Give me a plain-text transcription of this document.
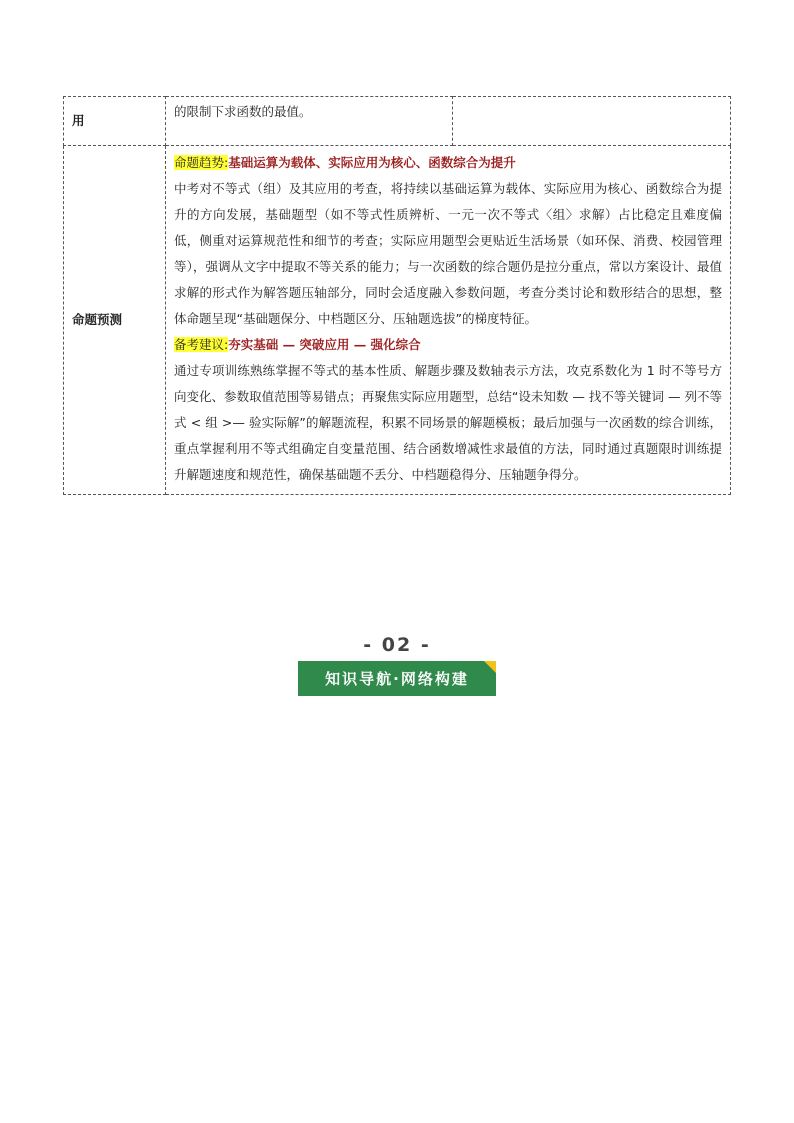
用	的限制下求函数的最值。	
命题预测	命题趋势:基础运算为载体、实际应用为核心、函数综合为提升
中考对不等式（组）及其应用的考查，将持续以基础运算为载体、实际应用为核心、函数综合为提升的方向发展，基础题型（如不等式性质辨析、一元一次不等式〈组〉求解）占比稳定且难度偏低，侧重对运算规范性和细节的考查；实际应用题型会更贴近生活场景（如环保、消费、校园管理等），强调从文字中提取不等关系的能力；与一次函数的综合题仍是拉分重点，常以方案设计、最值求解的形式作为解答题压轴部分，同时会适度融入参数问题，考查分类讨论和数形结合的思想，整体命题呈现“基础题保分、中档题区分、压轴题选拔”的梯度特征。
备考建议:夯实基础 — 突破应用 — 强化综合
通过专项训练熟练掌握不等式的基本性质、解题步骤及数轴表示方法，攻克系数化为 1 时不等号方向变化、参数取值范围等易错点；再聚焦实际应用题型，总结“设未知数 — 找不等关键词 — 列不等式 < 组 >— 验实际解”的解题流程，积累不同场景的解题模板；最后加强与一次函数的综合训练，重点掌握利用不等式组确定自变量范围、结合函数增减性求最值的方法，同时通过真题限时训练提升解题速度和规范性，确保基础题不丢分、中档题稳得分、压轴题争得分。	
- 02 -
知识导航·网络构建
